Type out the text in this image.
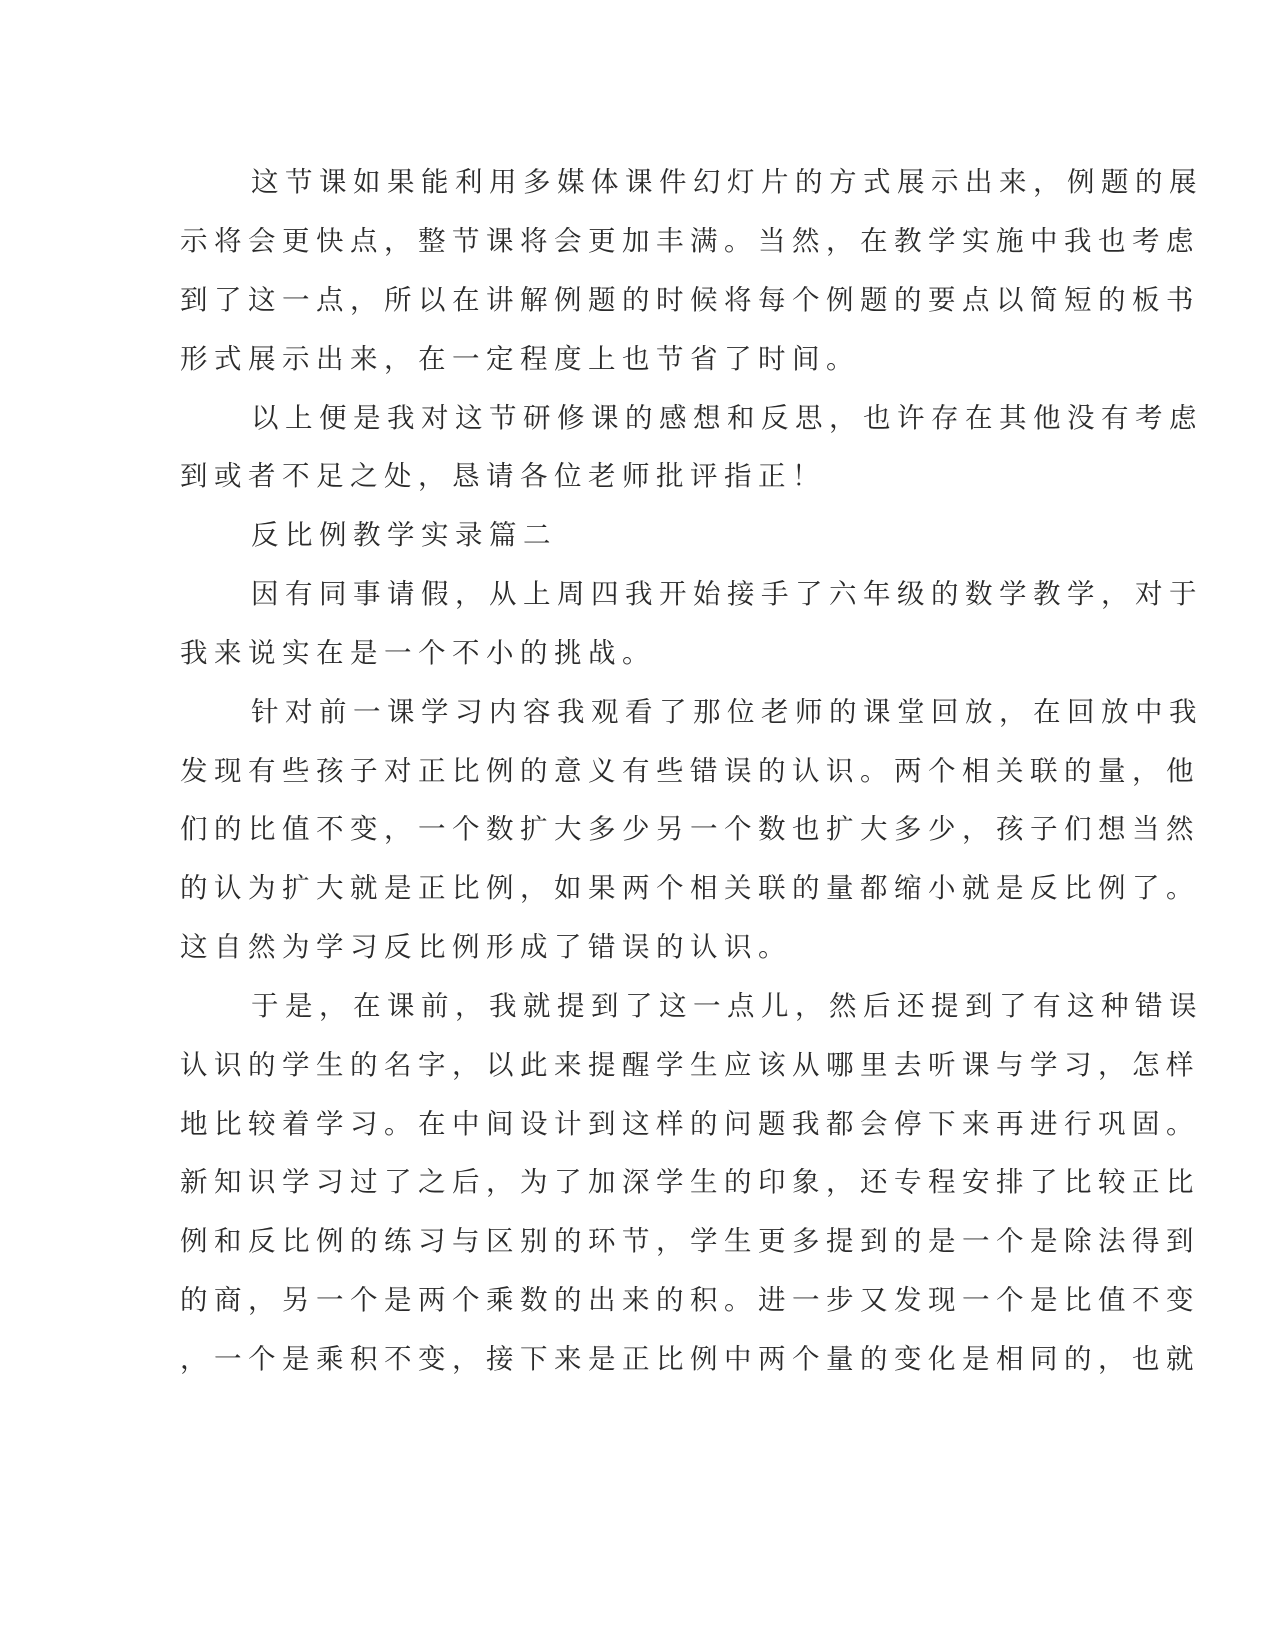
这节课如果能利用多媒体课件幻灯片的方式展示出来，例题的展
示将会更快点，整节课将会更加丰满。当然，在教学实施中我也考虑
到了这一点，所以在讲解例题的时候将每个例题的要点以简短的板书
形式展示出来，在一定程度上也节省了时间。
以上便是我对这节研修课的感想和反思，也许存在其他没有考虑
到或者不足之处，恳请各位老师批评指正！
反比例教学实录篇二
因有同事请假，从上周四我开始接手了六年级的数学教学，对于
我来说实在是一个不小的挑战。
针对前一课学习内容我观看了那位老师的课堂回放，在回放中我
发现有些孩子对正比例的意义有些错误的认识。两个相关联的量，他
们的比值不变，一个数扩大多少另一个数也扩大多少，孩子们想当然
的认为扩大就是正比例，如果两个相关联的量都缩小就是反比例了。
这自然为学习反比例形成了错误的认识。
于是，在课前，我就提到了这一点儿，然后还提到了有这种错误
认识的学生的名字，以此来提醒学生应该从哪里去听课与学习，怎样
地比较着学习。在中间设计到这样的问题我都会停下来再进行巩固。
新知识学习过了之后，为了加深学生的印象，还专程安排了比较正比
例和反比例的练习与区别的环节，学生更多提到的是一个是除法得到
的商，另一个是两个乘数的出来的积。进一步又发现一个是比值不变
，一个是乘积不变，接下来是正比例中两个量的变化是相同的，也就
